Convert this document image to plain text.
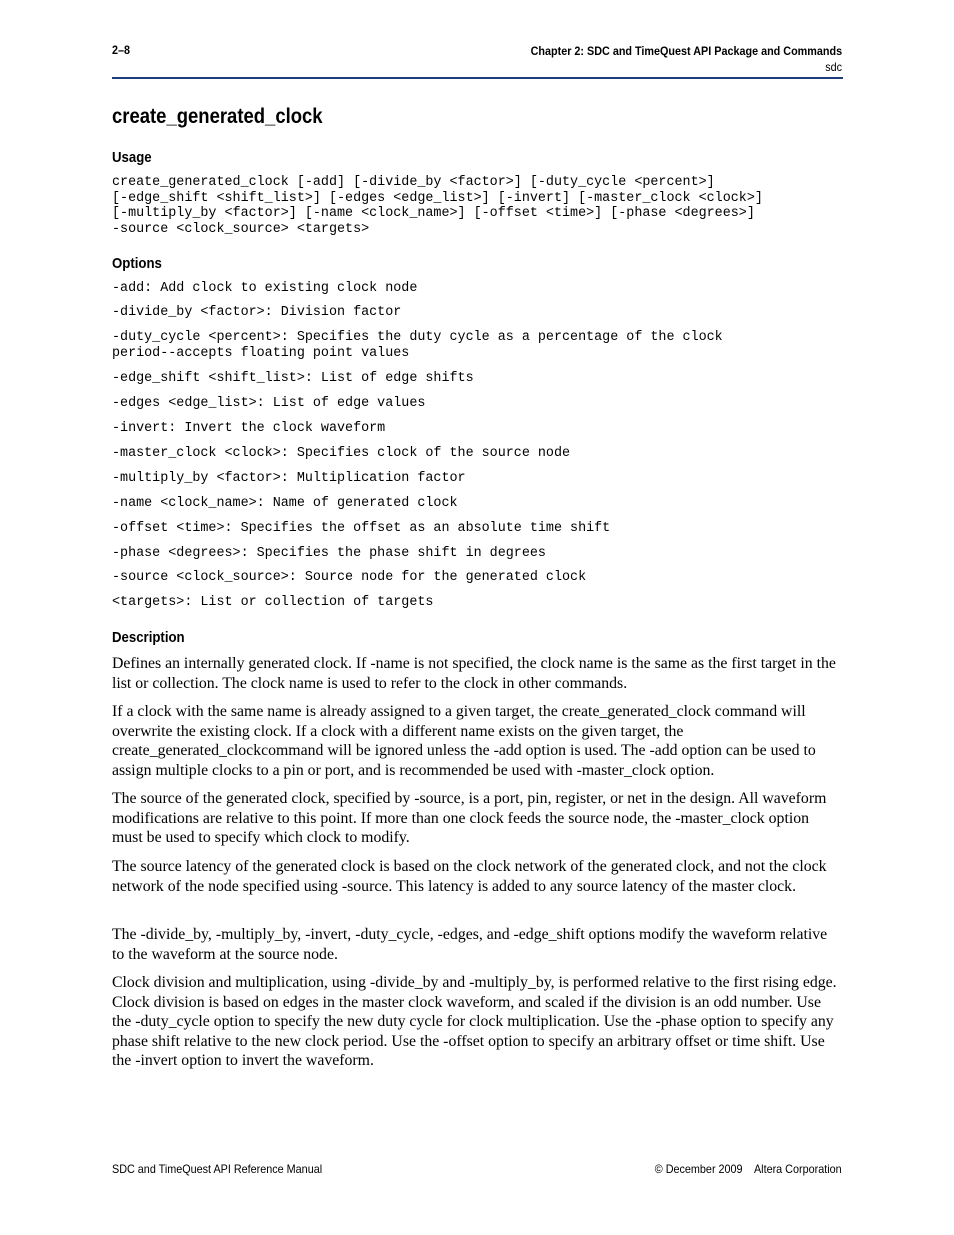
2–8	Chapter 2: SDC and TimeQuest API Package and Commands
sdc
create_generated_clock
Usage
create_generated_clock [-add] [-divide_by <factor>] [-duty_cycle <percent>]
[-edge_shift <shift_list>] [-edges <edge_list>] [-invert] [-master_clock <clock>]
[-multiply_by <factor>] [-name <clock_name>] [-offset <time>] [-phase <degrees>]
-source <clock_source> <targets>
Options
-add: Add clock to existing clock node
-divide_by <factor>: Division factor
-duty_cycle <percent>: Specifies the duty cycle as a percentage of the clock
period--accepts floating point values
-edge_shift <shift_list>: List of edge shifts
-edges <edge_list>: List of edge values
-invert: Invert the clock waveform
-master_clock <clock>: Specifies clock of the source node
-multiply_by <factor>: Multiplication factor
-name <clock_name>: Name of generated clock
-offset <time>: Specifies the offset as an absolute time shift
-phase <degrees>: Specifies the phase shift in degrees
-source <clock_source>: Source node for the generated clock
<targets>: List or collection of targets
Description

Defines an internally generated clock. If -name is not specified, the clock name is the same as the first target in the list or collection. The clock name is used to refer to the clock in other commands.

If a clock with the same name is already assigned to a given target, the create_generated_clock command will overwrite the existing clock. If a clock with a different name exists on the given target, the create_generated_clockcommand will be ignored unless the -add option is used. The -add option can be used to assign multiple clocks to a pin or port, and is recommended be used with -master_clock option.

The source of the generated clock, specified by -source, is a port, pin, register, or net in the design. All waveform modifications are relative to this point. If more than one clock feeds the source node, the -master_clock option must be used to specify which clock to modify.

The source latency of the generated clock is based on the clock network of the generated clock, and not the clock network of the node specified using -source. This latency is added to any source latency of the master clock.

The -divide_by, -multiply_by, -invert, -duty_cycle, -edges, and -edge_shift options modify the waveform relative to the waveform at the source node.

Clock division and multiplication, using -divide_by and -multiply_by, is performed relative to the first rising edge. Clock division is based on edges in the master clock waveform, and scaled if the division is an odd number. Use the -duty_cycle option to specify the new duty cycle for clock multiplication. Use the -phase option to specify any phase shift relative to the new clock period. Use the -offset option to specify an arbitrary offset or time shift. Use the -invert option to invert the waveform.

SDC and TimeQuest API Reference Manual	© December 2009    Altera Corporation
